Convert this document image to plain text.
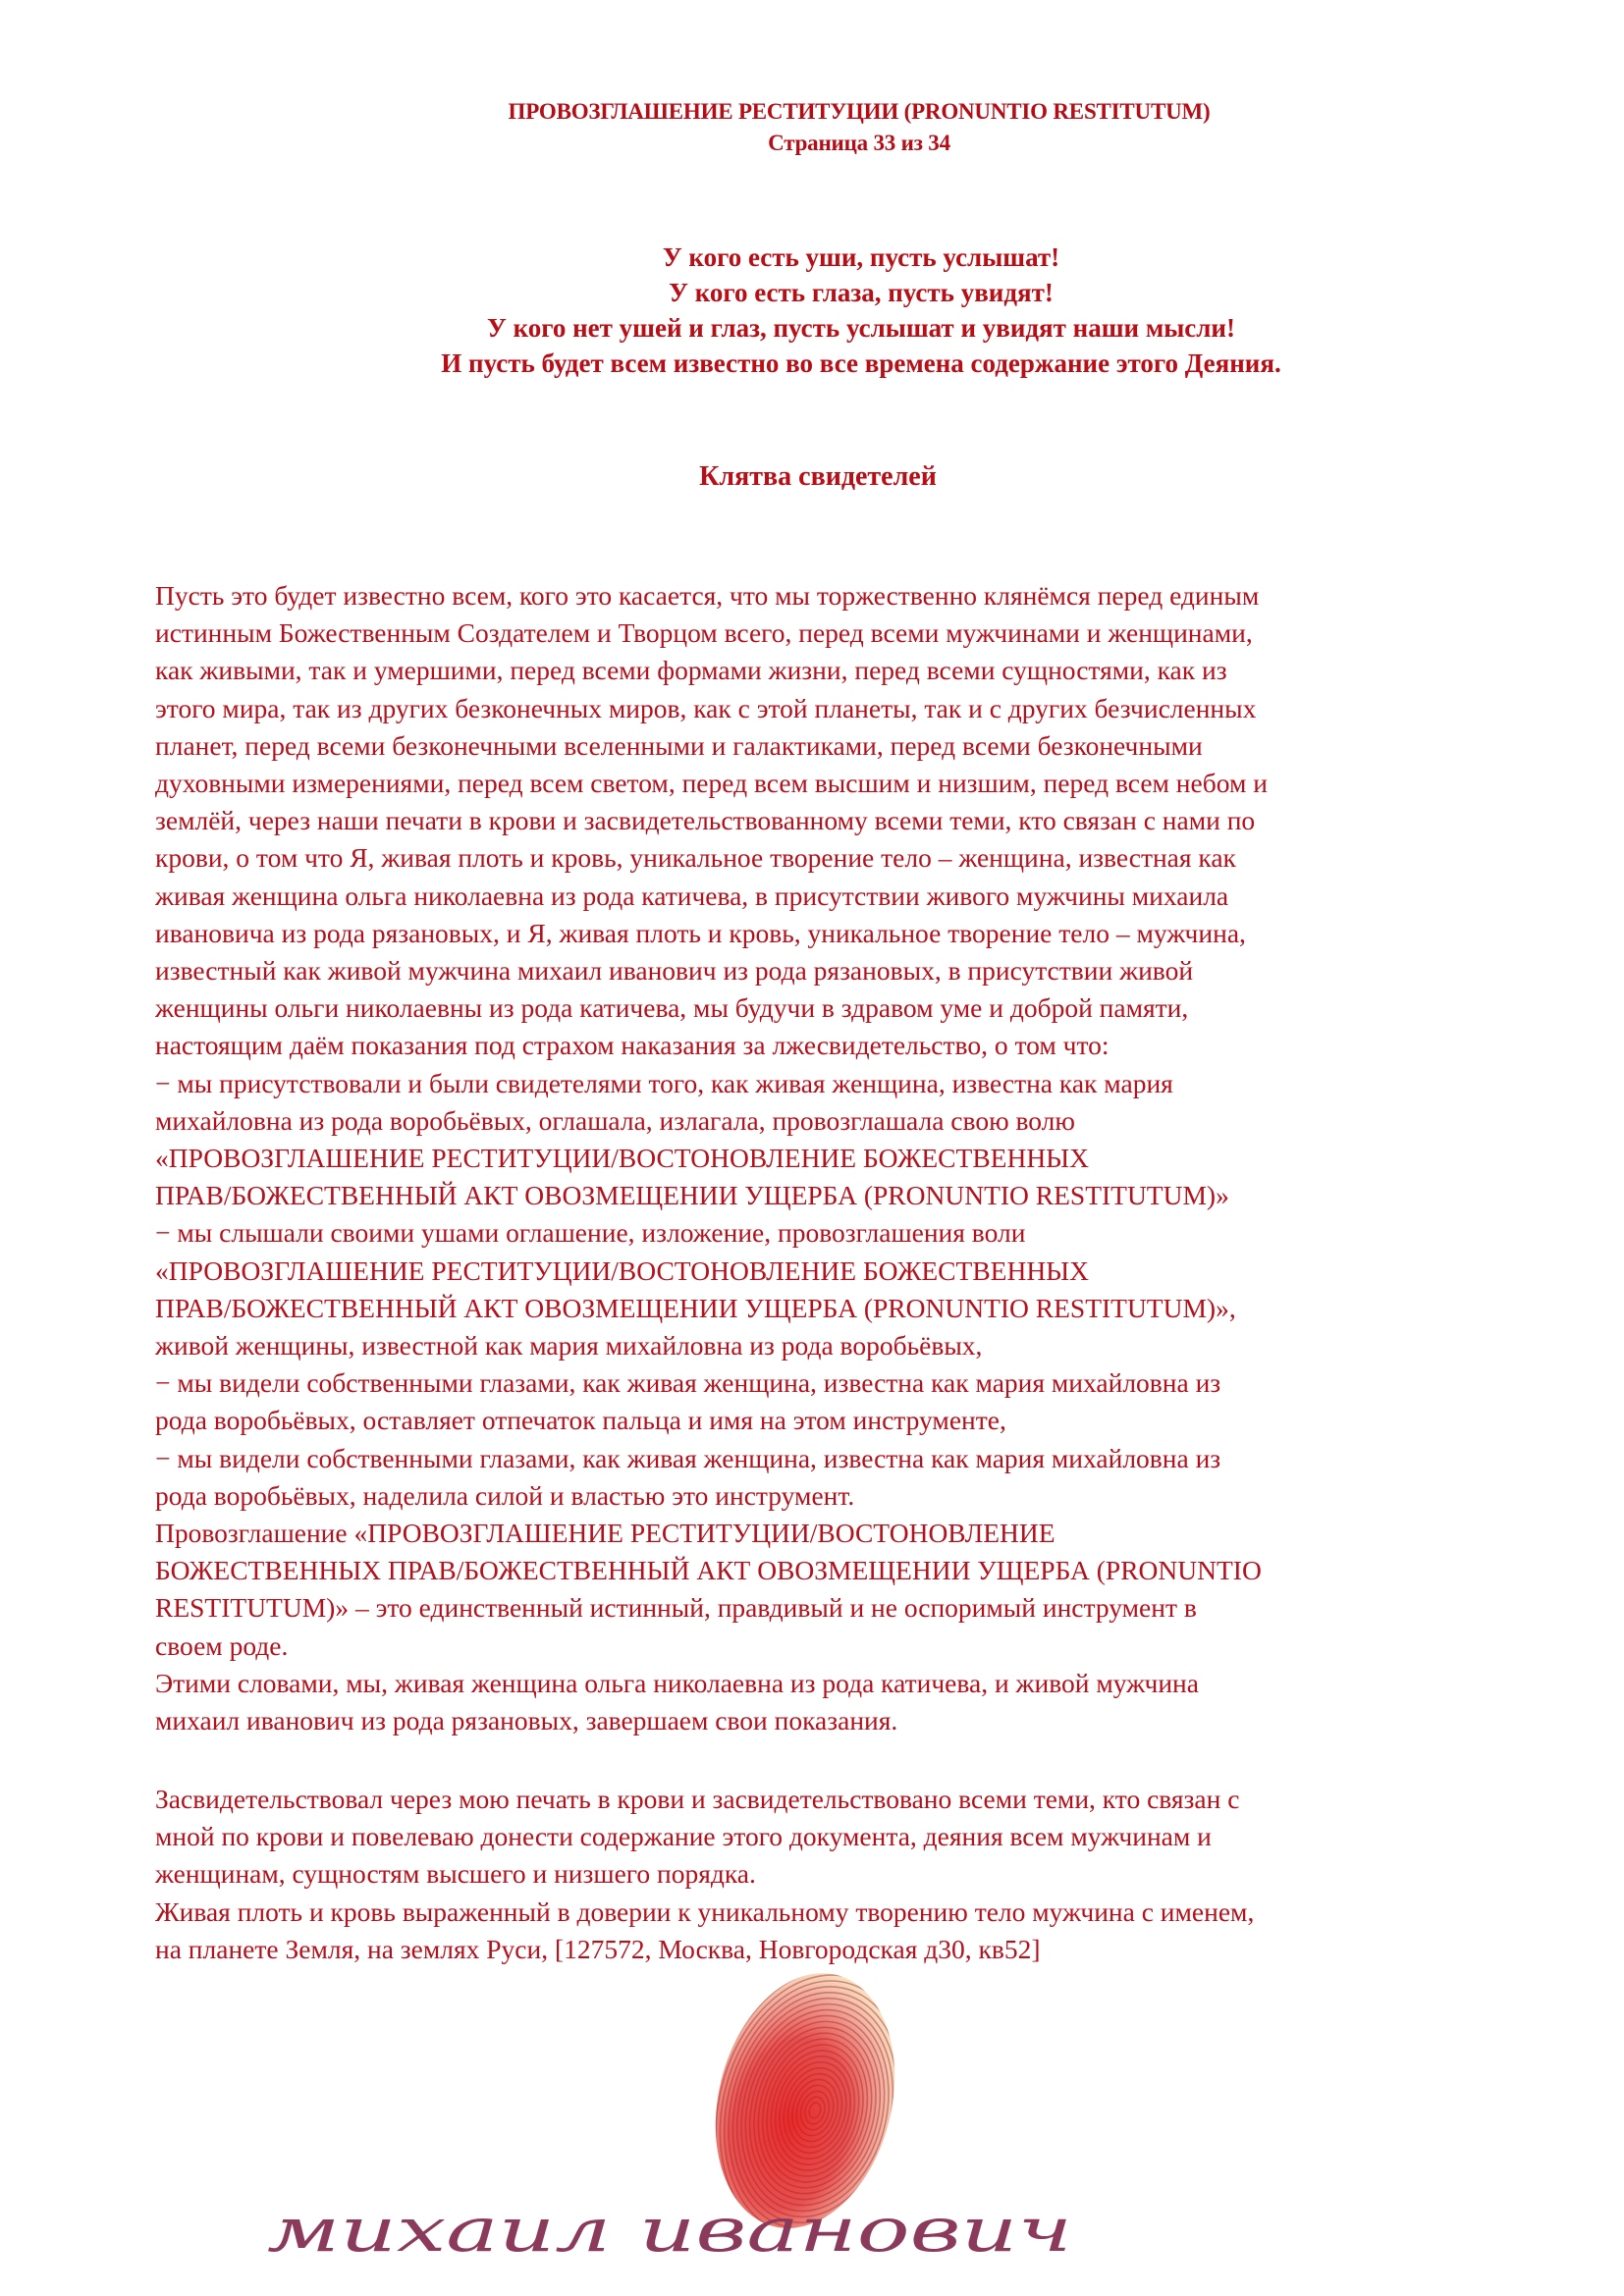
ПРОВОЗГЛАШЕНИЕ РЕСТИТУЦИИ (PRONUNTIO RESTITUTUM)
Страница 33 из 34
У кого есть уши, пусть услышат!
У кого есть глаза, пусть увидят!
У кого нет ушей и глаз, пусть услышат и увидят наши мысли!
И пусть будет всем известно во все времена содержание этого Деяния.
Клятва свидетелей
Пусть это будет известно всем, кого это касается, что мы торжественно клянёмся перед единым
истинным Божественным Создателем и Творцом всего, перед всеми мужчинами и женщинами,
как живыми, так и умершими, перед всеми формами жизни, перед всеми сущностями, как из
этого мира, так из других безконечных миров, как с этой планеты, так и с других безчисленных
планет, перед всеми безконечными вселенными и галактиками, перед всеми безконечными
духовными измерениями, перед всем светом, перед всем высшим и низшим, перед всем небом и
землёй, через наши печати в крови и засвидетельствованному всеми теми, кто связан с нами по
крови, о том что Я, живая плоть и кровь, уникальное творение тело – женщина, известная как
живая женщина ольга николаевна из рода катичева, в присутствии живого мужчины михаила
ивановича из рода рязановых, и Я, живая плоть и кровь, уникальное творение тело – мужчина,
известный как живой мужчина михаил иванович из рода рязановых, в присутствии живой
женщины ольги николаевны из рода катичева, мы будучи в здравом уме и доброй памяти,
настоящим даём показания под страхом наказания за лжесвидетельство, о том что:
− мы присутствовали и были свидетелями того, как живая женщина, известна как мария
михайловна из рода воробьёвых, оглашала, излагала, провозглашала свою волю
«ПРОВОЗГЛАШЕНИЕ РЕСТИТУЦИИ/ВОСТОНОВЛЕНИЕ БОЖЕСТВЕННЫХ
ПРАВ/БОЖЕСТВЕННЫЙ АКТ ОВОЗМЕЩЕНИИ УЩЕРБА (PRONUNTIO RESTITUTUM)»
− мы слышали своими ушами оглашение, изложение, провозглашения воли
«ПРОВОЗГЛАШЕНИЕ РЕСТИТУЦИИ/ВОСТОНОВЛЕНИЕ БОЖЕСТВЕННЫХ
ПРАВ/БОЖЕСТВЕННЫЙ АКТ ОВОЗМЕЩЕНИИ УЩЕРБА (PRONUNTIO RESTITUTUM)»,
живой женщины, известной как мария михайловна из рода воробьёвых,
− мы видели собственными глазами, как живая женщина, известна как мария михайловна из
рода воробьёвых, оставляет отпечаток пальца и имя на этом инструменте,
− мы видели собственными глазами, как живая женщина, известна как мария михайловна из
рода воробьёвых, наделила силой и властью это инструмент.
Провозглашение «ПРОВОЗГЛАШЕНИЕ РЕСТИТУЦИИ/ВОСТОНОВЛЕНИЕ
БОЖЕСТВЕННЫХ ПРАВ/БОЖЕСТВЕННЫЙ АКТ ОВОЗМЕЩЕНИИ УЩЕРБА (PRONUNTIO
RESTITUTUM)» – это единственный истинный, правдивый и не оспоримый инструмент в
своем роде.
Этими словами, мы, живая женщина ольга николаевна из рода катичева, и живой мужчина
михаил иванович из рода рязановых, завершаем свои показания.
Засвидетельствовал через мою печать в крови и засвидетельствовано всеми теми, кто связан с
мной по крови и повелеваю донести содержание этого документа, деяния всем мужчинам и
женщинам, сущностям высшего и низшего порядка.
Живая плоть и кровь выраженный в доверии к уникальному творению тело мужчина с именем,
на планете Земля, на землях Руси, [127572, Москва, Новгородская д30, кв52]
михаил иванович
